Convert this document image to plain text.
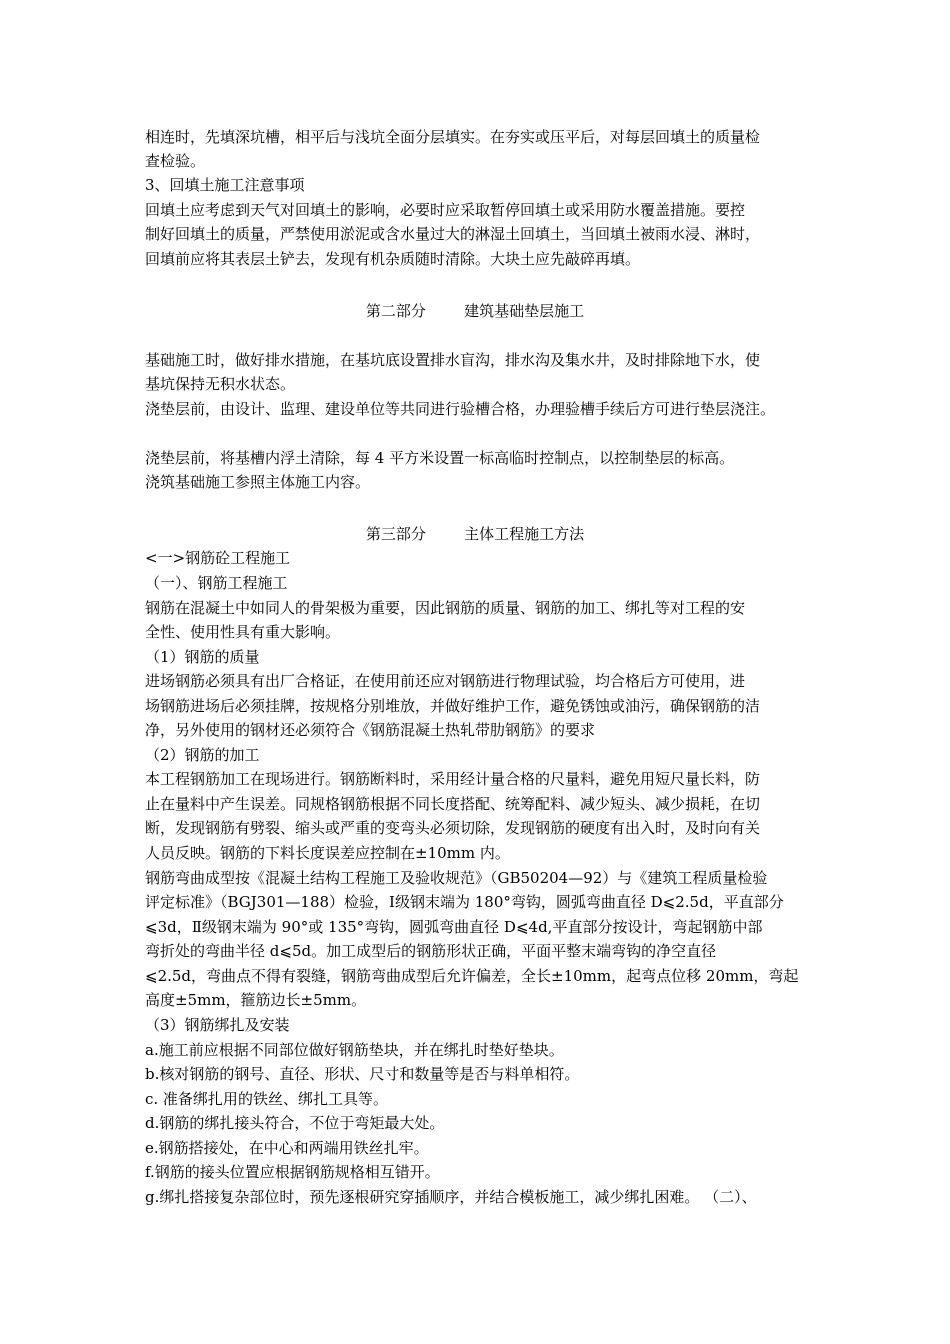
相连时，先填深坑槽，相平后与浅坑全面分层填实。在夯实或压平后，对每层回填土的质量检
查检验。
3、回填土施工注意事项
回填土应考虑到天气对回填土的影响，必要时应采取暂停回填土或采用防水覆盖措施。要控
制好回填土的质量，严禁使用淤泥或含水量过大的淋湿土回填土，当回填土被雨水浸、淋时，
回填前应将其表层土铲去，发现有机杂质随时清除。大块土应先敲碎再填。
第二部分        建筑基础垫层施工
基础施工时，做好排水措施，在基坑底设置排水盲沟，排水沟及集水井，及时排除地下水，使
基坑保持无积水状态。
浇垫层前，由设计、监理、建设单位等共同进行验槽合格，办理验槽手续后方可进行垫层浇注。
浇垫层前，将基槽内浮土清除，每 4 平方米设置一标高临时控制点，以控制垫层的标高。
浇筑基础施工参照主体施工内容。
第三部分        主体工程施工方法
<一>钢筋砼工程施工
（一）、钢筋工程施工
钢筋在混凝土中如同人的骨架极为重要，因此钢筋的质量、钢筋的加工、绑扎等对工程的安
全性、使用性具有重大影响。
（1）钢筋的质量
进场钢筋必须具有出厂合格证，在使用前还应对钢筋进行物理试验，均合格后方可使用，进
场钢筋进场后必须挂牌，按规格分别堆放，并做好维护工作，避免锈蚀或油污，确保钢筋的洁
净，另外使用的钢材还必须符合《钢筋混凝土热轧带肋钢筋》的要求
（2）钢筋的加工
本工程钢筋加工在现场进行。钢筋断料时，采用经计量合格的尺量料，避免用短尺量长料，防
止在量料中产生误差。同规格钢筋根据不同长度搭配、统筹配料、减少短头、减少损耗，在切
断，发现钢筋有劈裂、缩头或严重的变弯头必须切除，发现钢筋的硬度有出入时，及时向有关
人员反映。钢筋的下料长度误差应控制在±10mm 内。
钢筋弯曲成型按《混凝土结构工程施工及验收规范》（GB50204—92）与《建筑工程质量检验
评定标准》（BGJ301—188）检验，Ⅰ级钢末端为 180°弯钩，圆弧弯曲直径 D⩽2.5d，平直部分
⩽3d，Ⅱ级钢末端为 90°或 135°弯钩，圆弧弯曲直径 D⩽4d,平直部分按设计，弯起钢筋中部
弯折处的弯曲半径 d⩽5d。加工成型后的钢筋形状正确，平面平整末端弯钩的净空直径
⩽2.5d，弯曲点不得有裂缝，钢筋弯曲成型后允许偏差，全长±10mm，起弯点位移 20mm，弯起
高度±5mm，箍筋边长±5mm。
（3）钢筋绑扎及安装
a.施工前应根据不同部位做好钢筋垫块，并在绑扎时垫好垫块。
b.核对钢筋的钢号、直径、形状、尺寸和数量等是否与料单相符。
c. 准备绑扎用的铁丝、绑扎工具等。
d.钢筋的绑扎接头符合，不位于弯矩最大处。
e.钢筋搭接处，在中心和两端用铁丝扎牢。
f.钢筋的接头位置应根据钢筋规格相互错开。
g.绑扎搭接复杂部位时，预先逐根研究穿插顺序，并结合模板施工，减少绑扎困难。 （二）、
